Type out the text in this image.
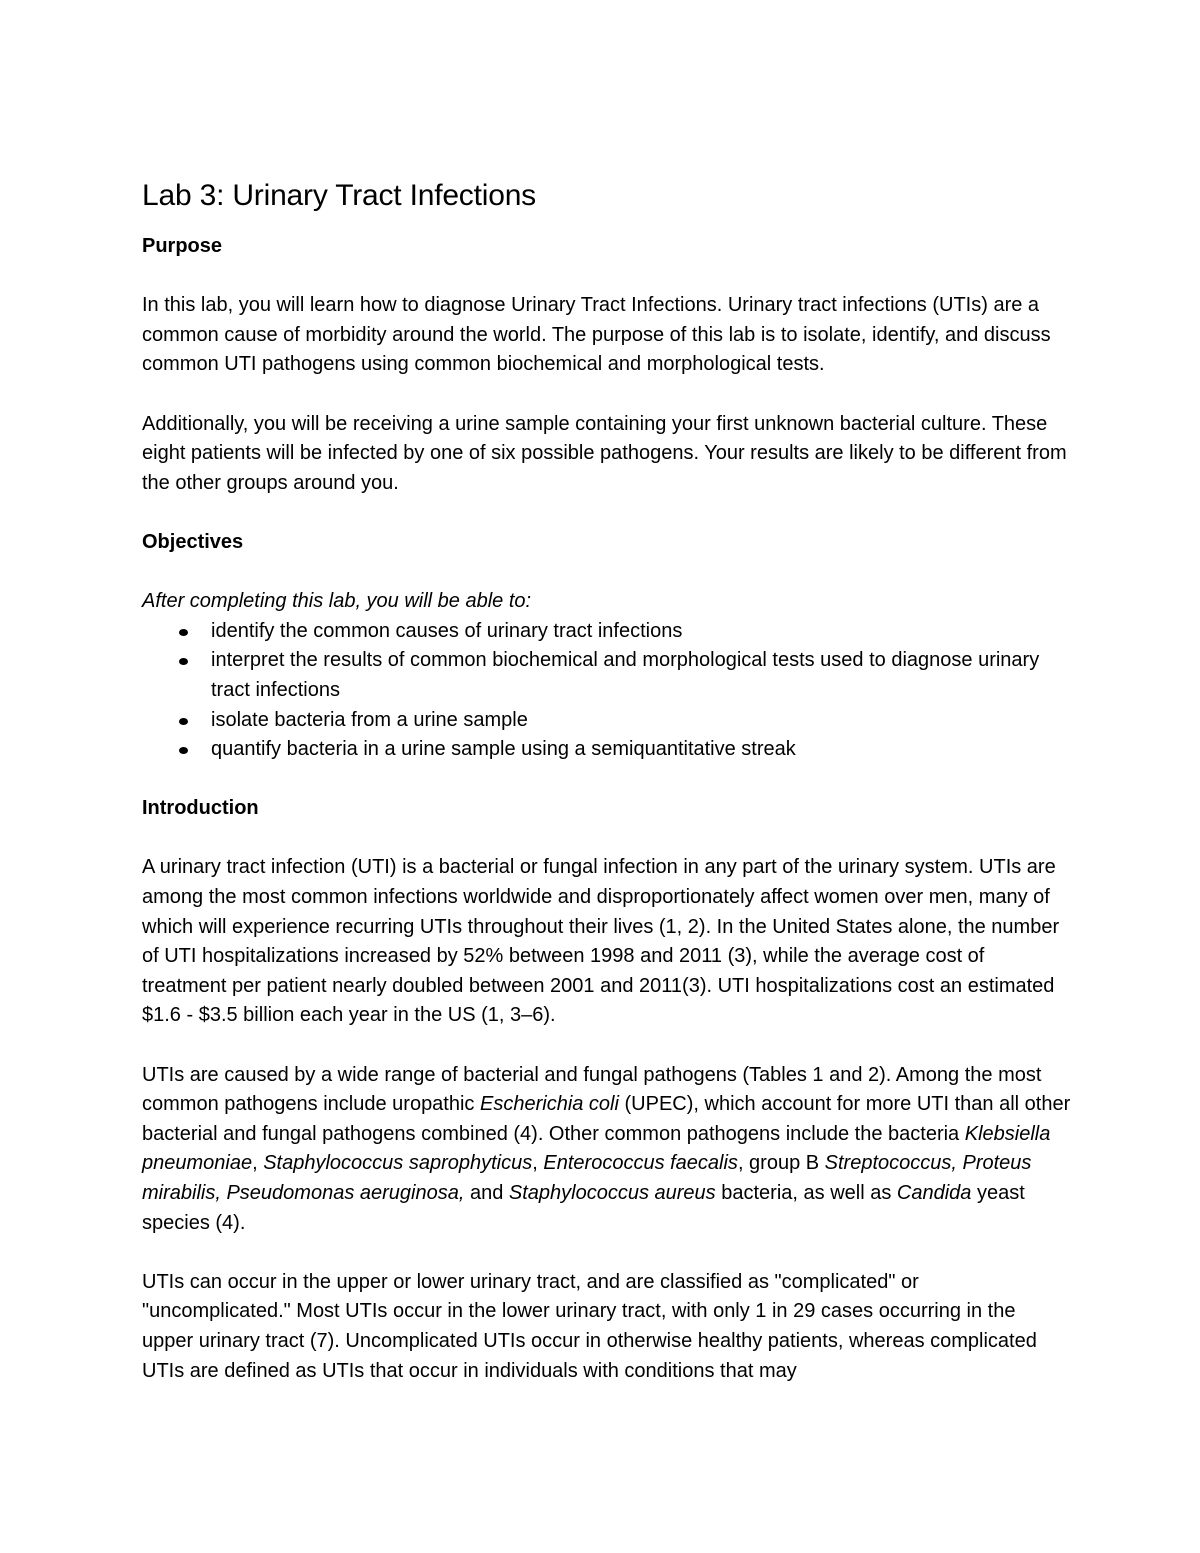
Lab 3: Urinary Tract Infections

Purpose

In this lab, you will learn how to diagnose Urinary Tract Infections. Urinary tract infections (UTIs) are a common cause of morbidity around the world. The purpose of this lab is to isolate, identify, and discuss common UTI pathogens using common biochemical and morphological tests.

Additionally, you will be receiving a urine sample containing your first unknown bacterial culture. These eight patients will be infected by one of six possible pathogens. Your results are likely to be different from the other groups around you.

Objectives

After completing this lab, you will be able to:

identify the common causes of urinary tract infections
interpret the results of common biochemical and morphological tests used to diagnose urinary tract infections
isolate bacteria from a urine sample
quantify bacteria in a urine sample using a semiquantitative streak

Introduction

A urinary tract infection (UTI) is a bacterial or fungal infection in any part of the urinary system. UTIs are among the most common infections worldwide and disproportionately affect women over men, many of which will experience recurring UTIs throughout their lives (1, 2). In the United States alone, the number of UTI hospitalizations increased by 52% between 1998 and 2011 (3), while the average cost of treatment per patient nearly doubled between 2001 and 2011(3). UTI hospitalizations cost an estimated $1.6 - $3.5 billion each year in the US (1, 3–6).

UTIs are caused by a wide range of bacterial and fungal pathogens (Tables 1 and 2). Among the most common pathogens include uropathic Escherichia coli (UPEC), which account for more UTI than all other bacterial and fungal pathogens combined (4). Other common pathogens include the bacteria Klebsiella pneumoniae, Staphylococcus saprophyticus, Enterococcus faecalis, group B Streptococcus, Proteus mirabilis, Pseudomonas aeruginosa, and Staphylococcus aureus bacteria, as well as Candida yeast species (4).

UTIs can occur in the upper or lower urinary tract, and are classified as "complicated" or "uncomplicated." Most UTIs occur in the lower urinary tract, with only 1 in 29 cases occurring in the upper urinary tract (7). Uncomplicated UTIs occur in otherwise healthy patients, whereas complicated UTIs are defined as UTIs that occur in individuals with conditions that may
